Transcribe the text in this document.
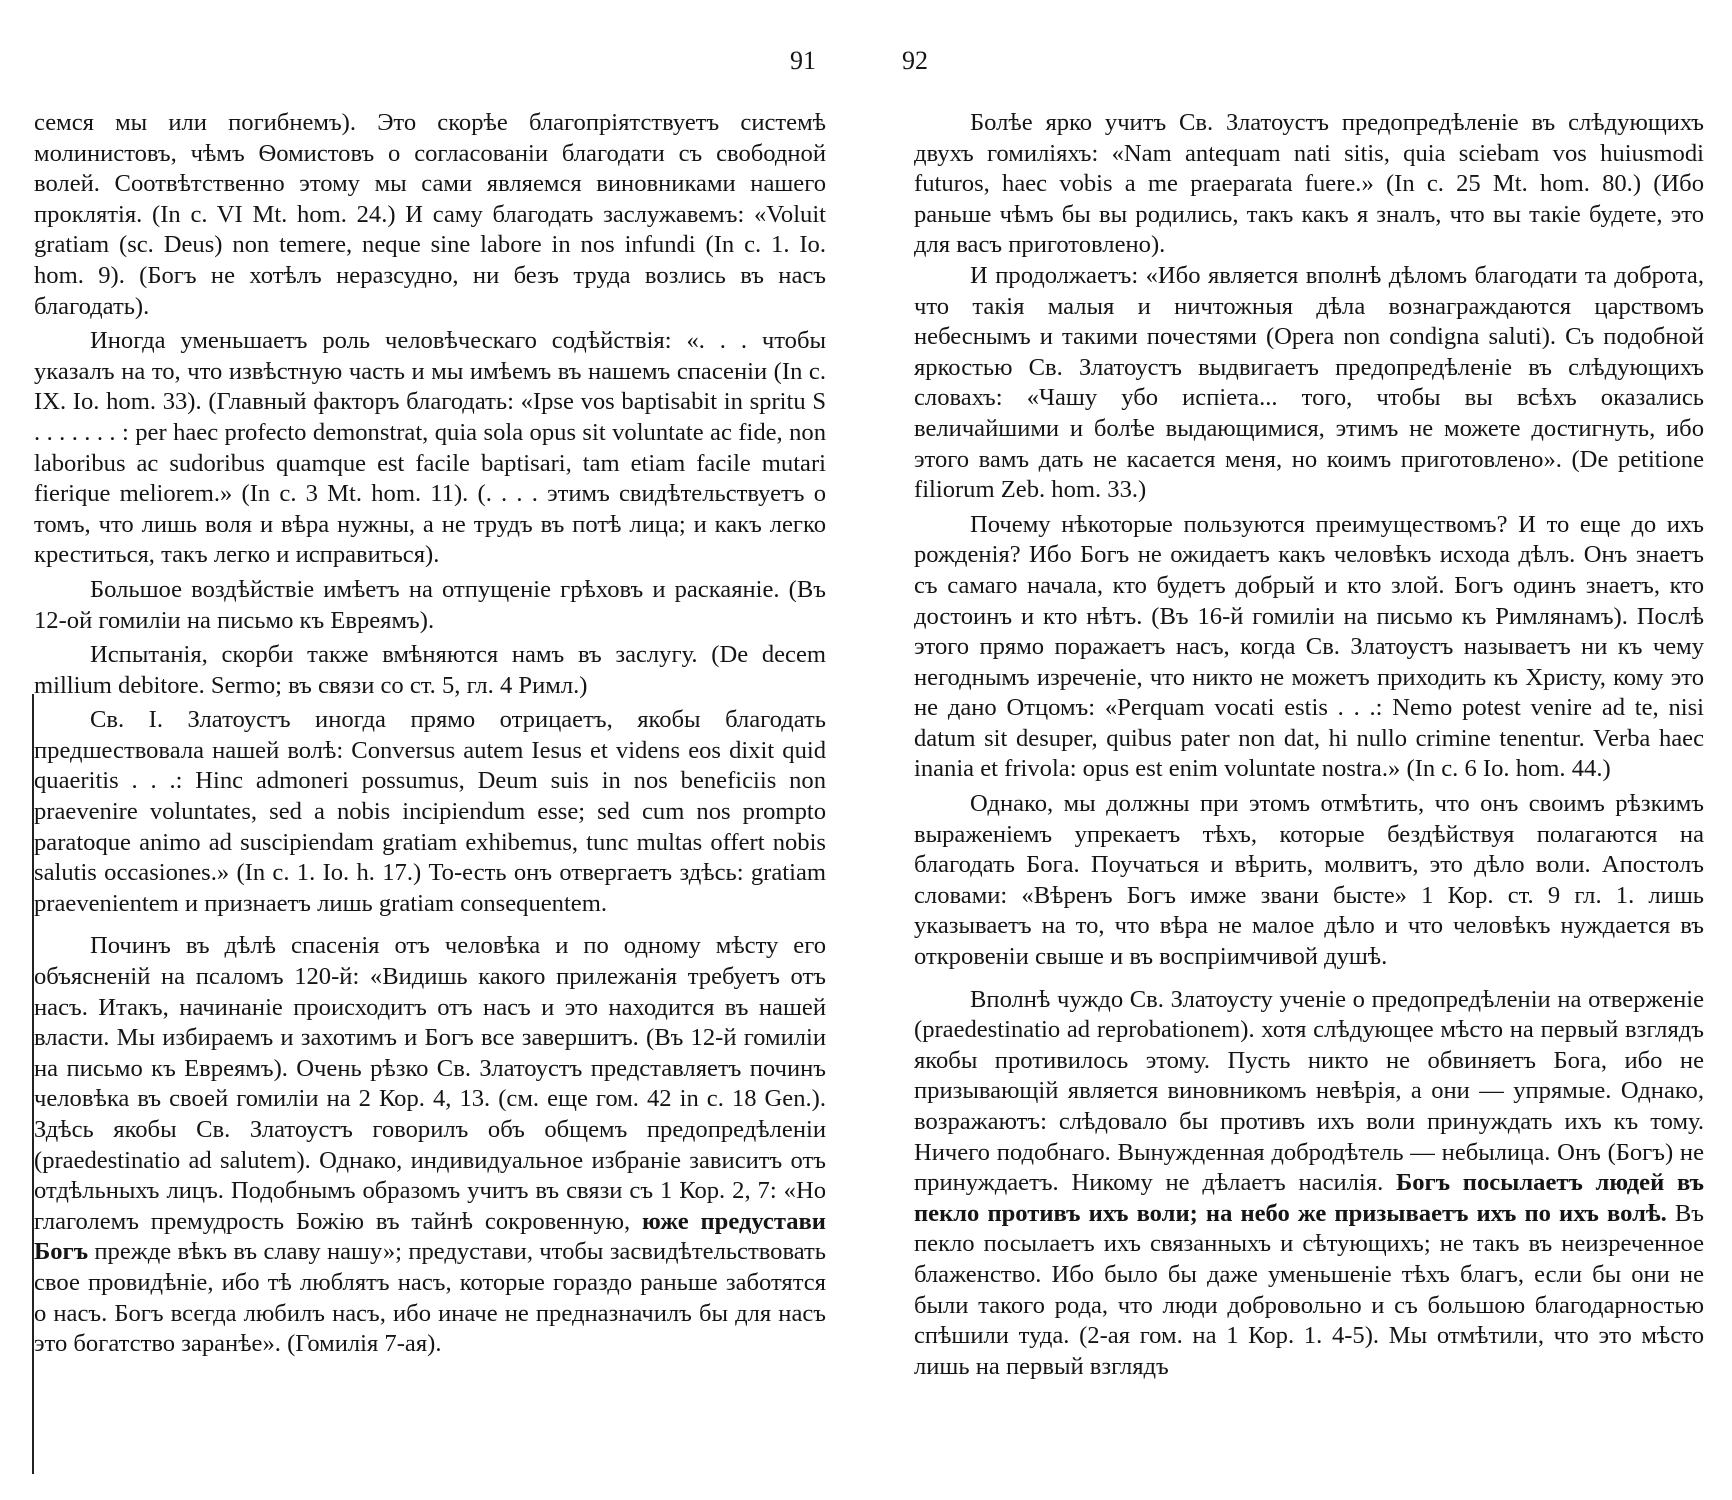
91	92

семся мы или погибнемъ). Это скорѣе благопріятствуетъ системѣ молинистовъ, чѣмъ Ѳомистовъ о согласованіи благодати съ свободной волей. Соотвѣтственно этому мы сами являемся виновниками нашего проклятія. (In c. VI Mt. hom. 24.) И саму благодать заслужавемъ: «Voluit gratiam (sc. Deus) non temere, neque sine labore in nos infundi (In c. 1. Io. hom. 9). (Богъ не хотѣлъ неразсудно, ни безъ труда возлись въ насъ благодать).

Иногда уменьшаетъ роль человѣческаго содѣйствія: «. . . чтобы указалъ на то, что извѣстную часть и мы имѣемъ въ нашемъ спасеніи (In c. IX. Io. hom. 33). (Главный факторъ благодать: «Ipse vos baptisabit in spritu S . . . . . . . : per haec profecto demonstrat, quia sola opus sit voluntate ac fide, non laboribus ac sudoribus quamque est facile baptisari, tam etiam facile mutari fierique meliorem.» (In c. 3 Mt. hom. 11). (. . . . этимъ свидѣтельствуетъ о томъ, что лишь воля и вѣра нужны, а не трудъ въ потѣ лица; и какъ легко креститься, такъ легко и исправиться).

Большое воздѣйствіе имѣетъ на отпущеніе грѣховъ и раскаяніе. (Въ 12-ой гомиліи на письмо къ Евреямъ).

Испытанія, скорби также вмѣняются намъ въ заслугу. (De decem millium debitore. Sermo; въ связи со ст. 5, гл. 4 Римл.)

Св. I. Златоустъ иногда прямо отрицаетъ, якобы благодать предшествовала нашей волѣ: Conversus autem Iesus et videns eos dixit quid quaeritis . . .: Hinc admoneri possumus, Deum suis in nos beneficiis non praevenire voluntates, sed a nobis incipiendum esse; sed cum nos prompto paratoque animo ad suscipiendam gratiam exhibemus, tunc multas offert nobis salutis occasiones.» (In c. 1. Io. h. 17.) То-есть онъ отвергаетъ здѣсь: gratiam praevenientem и признаетъ лишь gratiam consequentem.

Починъ въ дѣлѣ спасенія отъ человѣка и по одному мѣсту его объясненій на псаломъ 120-й: «Видишь какого прилежанія требуетъ отъ насъ. Итакъ, начинаніе происходитъ отъ насъ и это находится въ нашей власти. Мы избираемъ и захотимъ и Богъ все завершитъ. (Въ 12-й гомиліи на письмо къ Евреямъ). Очень рѣзко Св. Златоустъ представляетъ починъ человѣка въ своей гомиліи на 2 Кор. 4, 13. (см. еще гом. 42 in c. 18 Gen.). Здѣсь якобы Св. Златоустъ говорилъ объ общемъ предопредѣленіи (praedestinatio ad salutem). Однако, индивидуальное избраніе зависитъ отъ отдѣльныхъ лицъ. Подобнымъ образомъ учитъ въ связи съ 1 Кор. 2, 7: «Но глаголемъ премудрость Божію въ тайнѣ сокровенную, юже предустави Богъ прежде вѣкъ въ славу нашу»; предустави, чтобы засвидѣтельствовать свое провидѣніе, ибо тѣ люблятъ насъ, которые гораздо раньше заботятся о насъ. Богъ всегда любилъ насъ, ибо иначе не предназначилъ бы для насъ это богатство заранѣе». (Гомилія 7-ая).

Болѣе ярко учитъ Св. Златоустъ предопредѣленіе въ слѣдующихъ двухъ гомиліяхъ: «Nam antequam nati sitis, quia sciebam vos huiusmodi futuros, haec vobis a me praeparata fuere.» (In c. 25 Mt. hom. 80.) (Ибо раньше чѣмъ бы вы родились, такъ какъ я зналъ, что вы такіе будете, это для васъ приготовлено).

И продолжаетъ: «Ибо является вполнѣ дѣломъ благодати та доброта, что такія малыя и ничтожныя дѣла вознаграждаются царствомъ небеснымъ и такими почестями (Opera non condigna saluti). Съ подобной яркостью Св. Златоустъ выдвигаетъ предопредѣленіе въ слѣдующихъ словахъ: «Чашу убо испіета... того, чтобы вы всѣхъ оказались величайшими и болѣе выдающимися, этимъ не можете достигнуть, ибо этого вамъ дать не касается меня, но коимъ приготовлено». (De petitione filiorum Zeb. hom. 33.)

Почему нѣкоторые пользуются преимуществомъ? И то еще до ихъ рожденія? Ибо Богъ не ожидаетъ какъ человѣкъ исхода дѣлъ. Онъ знаетъ съ самаго начала, кто будетъ добрый и кто злой. Богъ одинъ знаетъ, кто достоинъ и кто нѣтъ. (Въ 16-й гомиліи на письмо къ Римлянамъ). Послѣ этого прямо поражаетъ насъ, когда Св. Златоустъ называетъ ни къ чему негоднымъ изреченіе, что никто не можетъ приходить къ Христу, кому это не дано Отцомъ: «Perquam vocati estis . . .: Nemo potest venire ad te, nisi datum sit desuper, quibus pater non dat, hi nullo crimine tenentur. Verba haec inania et frivola: opus est enim voluntate nostra.» (In c. 6 Io. hom. 44.)

Однако, мы должны при этомъ отмѣтить, что онъ своимъ рѣзкимъ выраженіемъ упрекаетъ тѣхъ, которые бездѣйствуя полагаются на благодать Бога. Поучаться и вѣрить, молвитъ, это дѣло воли. Апостолъ словами: «Вѣренъ Богъ имже звани бысте» 1 Кор. ст. 9 гл. 1. лишь указываетъ на то, что вѣра не малое дѣло и что человѣкъ нуждается въ откровеніи свыше и въ воспріимчивой душѣ.

Вполнѣ чуждо Св. Златоусту ученіе о предопредѣленіи на отверженіе (praedestinatio ad reprobationem). хотя слѣдующее мѣсто на первый взглядъ якобы противилось этому. Пусть никто не обвиняетъ Бога, ибо не призывающій является виновникомъ невѣрія, а они — упрямые. Однако, возражаютъ: слѣдовало бы противъ ихъ воли принуждать ихъ къ тому. Ничего подобнаго. Вынужденная добродѣтель — небылица. Онъ (Богъ) не принуждаетъ. Никому не дѣлаетъ насилія. Богъ посылаетъ людей въ пекло противъ ихъ воли; на небо же призываетъ ихъ по ихъ волѣ. Въ пекло посылаетъ ихъ связанныхъ и сѣтующихъ; не такъ въ неизреченное блаженство. Ибо было бы даже уменьшеніе тѣхъ благъ, если бы они не были такого рода, что люди добровольно и съ большою благодарностью спѣшили туда. (2-ая гом. на 1 Кор. 1. 4-5). Мы отмѣтили, что это мѣсто лишь на первый взглядъ
